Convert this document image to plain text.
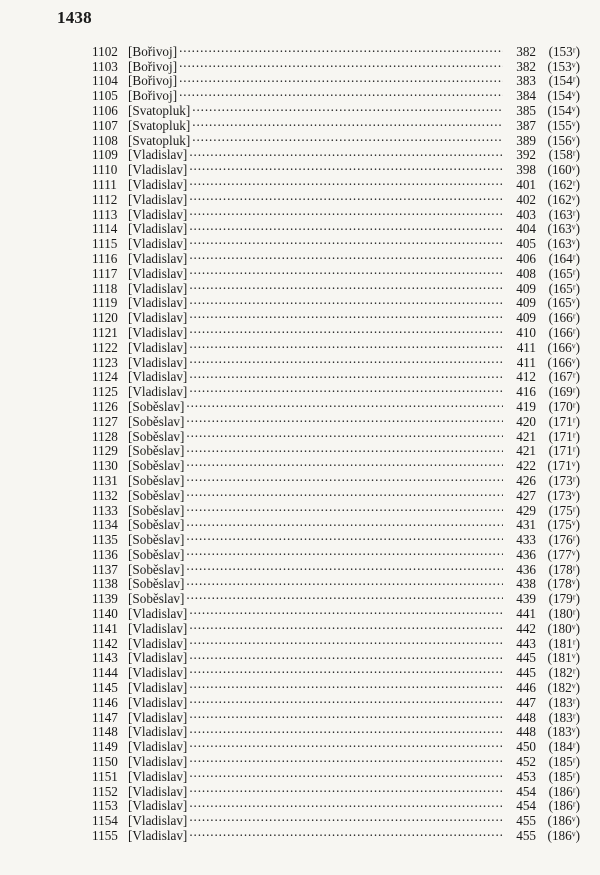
1438
1102 [Bořivoj] . . .	382 (153ʳ)
1103 [Bořivoj] . . .	382 (153ᵛ)
1104 [Bořivoj] . . .	383 (154ʳ)
1105 [Bořivoj] . . .	384 (154ᵛ)
1106 [Svatopluk] . . .	385 (154ᵛ)
1107 [Svatopluk] . . .	387 (155ᵛ)
1108 [Svatopluk] . . .	389 (156ᵛ)
1109 [Vladislav] . . .	392 (158ʳ)
1110 [Vladislav] . . .	398 (160ᵛ)
1111 [Vladislav] . . .	401 (162ʳ)
1112 [Vladislav] . . .	402 (162ᵛ)
1113 [Vladislav] . . .	403 (163ʳ)
1114 [Vladislav] . . .	404 (163ᵛ)
1115 [Vladislav] . . .	405 (163ᵛ)
1116 [Vladislav] . . .	406 (164ʳ)
1117 [Vladislav] . . .	408 (165ʳ)
1118 [Vladislav] . . .	409 (165ʳ)
1119 [Vladislav] . . .	409 (165ᵛ)
1120 [Vladislav] . . .	409 (166ʳ)
1121 [Vladislav] . . .	410 (166ʳ)
1122 [Vladislav] . . .	411 (166ᵛ)
1123 [Vladislav] . . .	411 (166ᵛ)
1124 [Vladislav] . . .	412 (167ʳ)
1125 [Vladislav] . . .	416 (169ʳ)
1126 [Soběslav] . . .	419 (170ʳ)
1127 [Soběslav] . . .	420 (171ʳ)
1128 [Soběslav] . . .	421 (171ʳ)
1129 [Soběslav] . . .	421 (171ʳ)
1130 [Soběslav] . . .	422 (171ᵛ)
1131 [Soběslav] . . .	426 (173ʳ)
1132 [Soběslav] . . .	427 (173ᵛ)
1133 [Soběslav] . . .	429 (175ʳ)
1134 [Soběslav] . . .	431 (175ᵛ)
1135 [Soběslav] . . .	433 (176ʳ)
1136 [Soběslav] . . .	436 (177ᵛ)
1137 [Soběslav] . . .	436 (178ʳ)
1138 [Soběslav] . . .	438 (178ᵛ)
1139 [Soběslav] . . .	439 (179ʳ)
1140 [Vladislav] . . .	441 (180ʳ)
1141 [Vladislav] . . .	442 (180ᵛ)
1142 [Vladislav] . . .	443 (181ʳ)
1143 [Vladislav] . . .	445 (181ᵛ)
1144 [Vladislav] . . .	445 (182ʳ)
1145 [Vladislav] . . .	446 (182ᵛ)
1146 [Vladislav] . . .	447 (183ʳ)
1147 [Vladislav] . . .	448 (183ʳ)
1148 [Vladislav] . . .	448 (183ᵛ)
1149 [Vladislav] . . .	450 (184ʳ)
1150 [Vladislav] . . .	452 (185ʳ)
1151 [Vladislav] . . .	453 (185ʳ)
1152 [Vladislav] . . .	454 (186ʳ)
1153 [Vladislav] . . .	454 (186ʳ)
1154 [Vladislav] . . .	455 (186ᵛ)
1155 [Vladislav] . . .	455 (186ᵛ)
